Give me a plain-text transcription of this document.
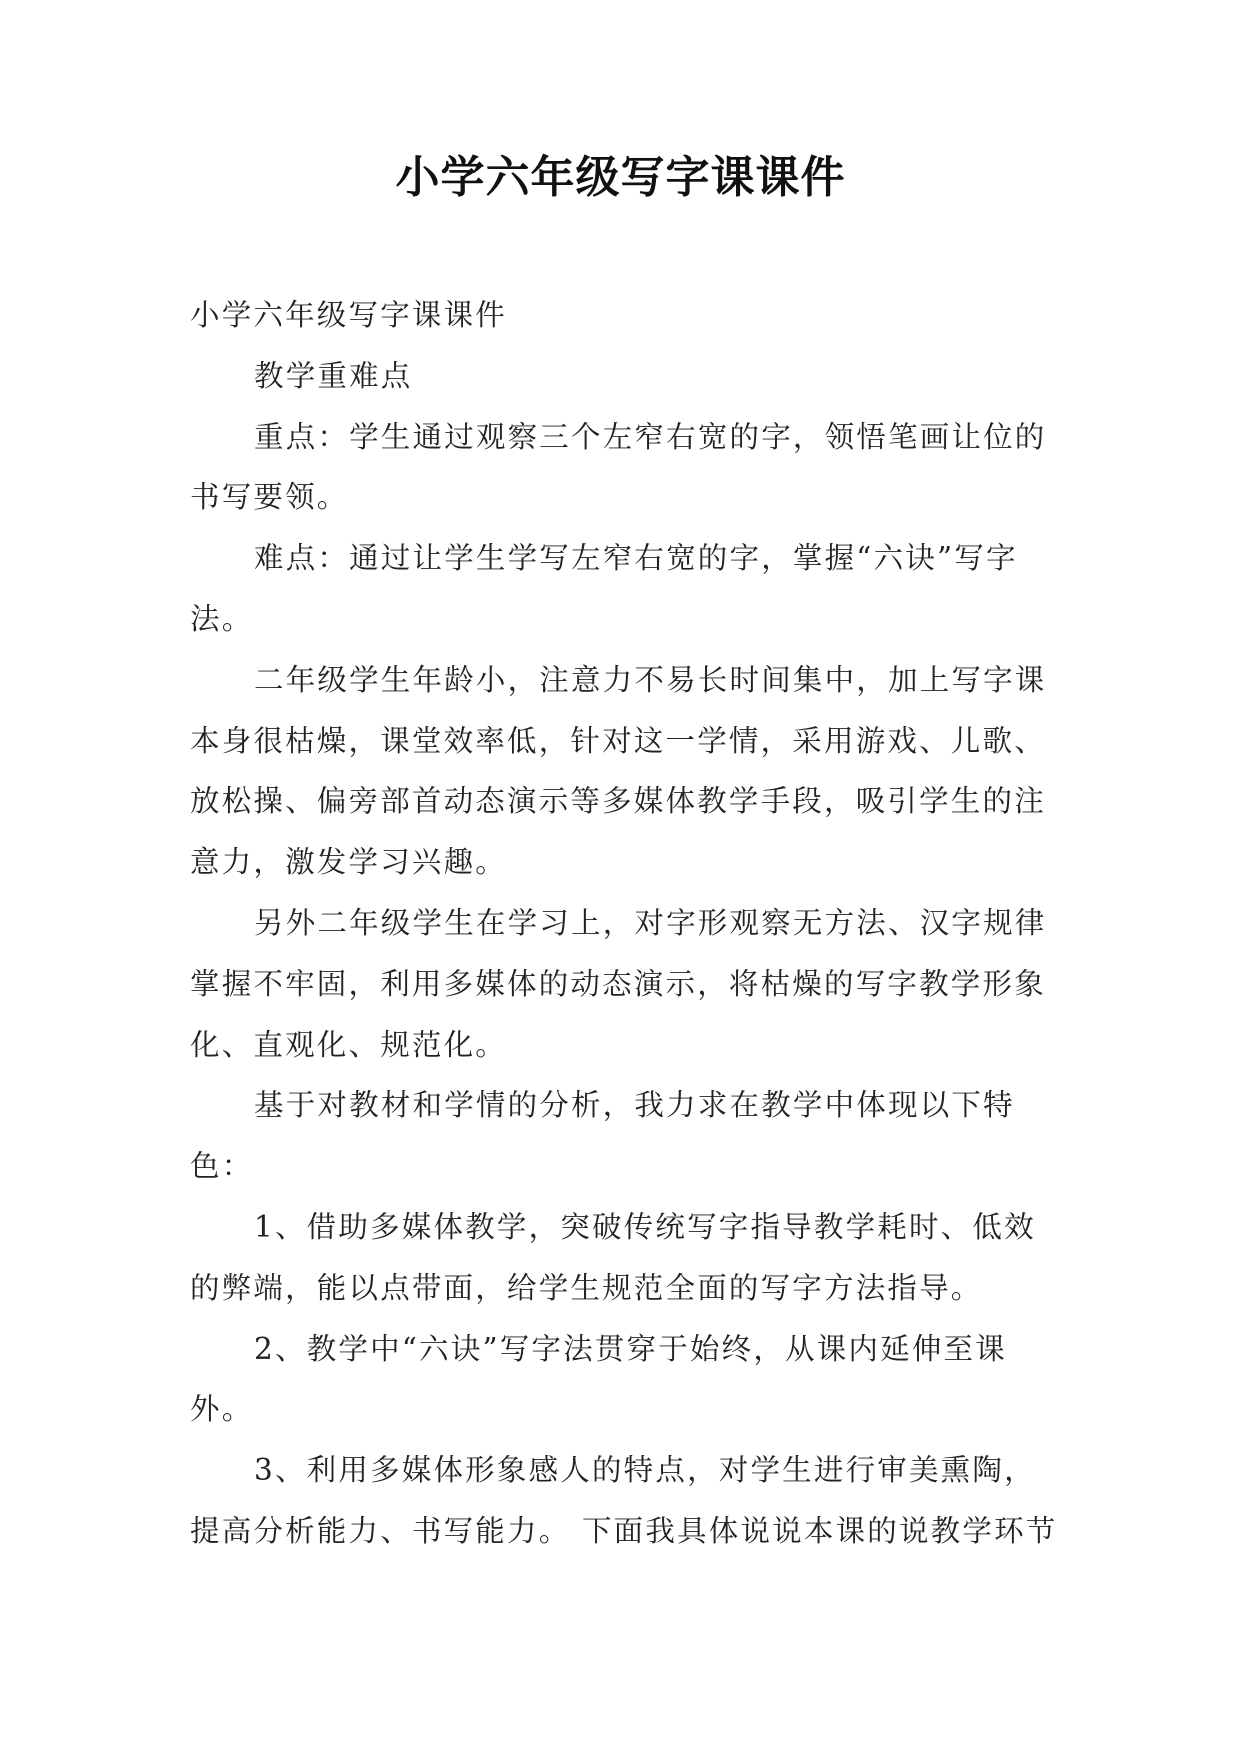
小学六年级写字课课件

小学六年级写字课课件

教学重难点

重点：学生通过观察三个左窄右宽的字，领悟笔画让位的书写要领。

难点：通过让学生学写左窄右宽的字，掌握“六诀”写字法。

二年级学生年龄小，注意力不易长时间集中，加上写字课本身很枯燥，课堂效率低，针对这一学情，采用游戏、儿歌、放松操、偏旁部首动态演示等多媒体教学手段，吸引学生的注意力，激发学习兴趣。

另外二年级学生在学习上，对字形观察无方法、汉字规律掌握不牢固，利用多媒体的动态演示，将枯燥的写字教学形象化、直观化、规范化。

基于对教材和学情的分析，我力求在教学中体现以下特色：

1、借助多媒体教学，突破传统写字指导教学耗时、低效的弊端，能以点带面，给学生规范全面的写字方法指导。

2、教学中“六诀”写字法贯穿于始终，从课内延伸至课外。

3、利用多媒体形象感人的特点，对学生进行审美熏陶，提高分析能力、书写能力。 下面我具体说说本课的说教学环节
